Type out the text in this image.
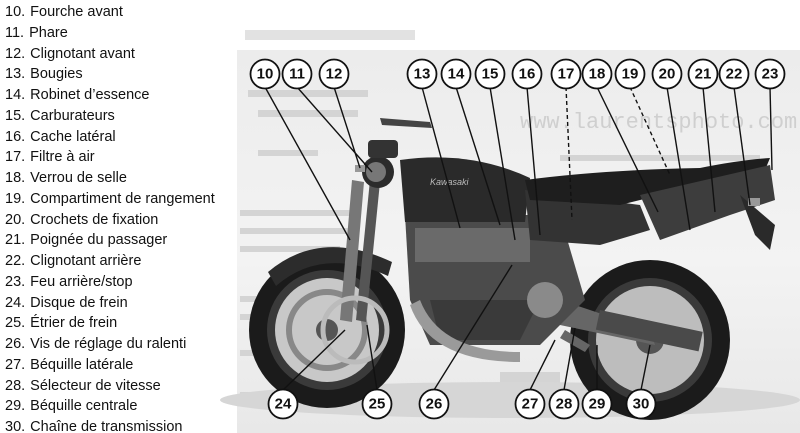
Kawasaki
www.laurentsphoto.com
10. Fourche avant
11. Phare
12. Clignotant avant
13. Bougies
14. Robinet d’essence
15. Carburateurs
16. Cache latéral
17. Filtre à air
18. Verrou de selle
19. Compartiment de rangement
20. Crochets de fixation
21. Poignée du passager
22. Clignotant arrière
23. Feu arrière/stop
24. Disque de frein
25. Étrier de frein
26. Vis de réglage du ralenti
27. Béquille latérale
28. Sélecteur de vitesse
29. Béquille centrale
30. Chaîne de transmission
10 11 12	13 14 15 16 17 18 19 20 21 22 23
24	25	26	27 28 29 30
